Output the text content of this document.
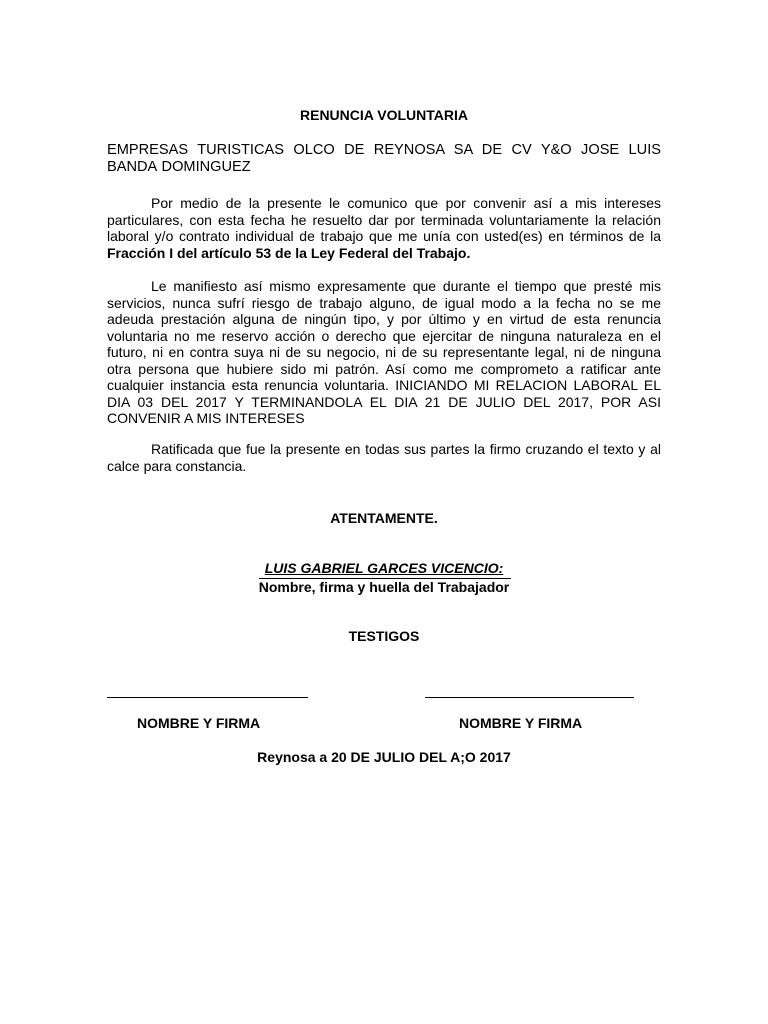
RENUNCIA VOLUNTARIA

EMPRESAS TURISTICAS OLCO DE REYNOSA SA DE CV Y&O JOSE LUIS BANDA DOMINGUEZ

Por medio de la presente le comunico que por convenir así a mis intereses particulares, con esta fecha he resuelto dar por terminada voluntariamente la relación laboral y/o contrato individual de trabajo que me unía con usted(es) en términos de la Fracción I del artículo 53 de la Ley Federal del Trabajo.

Le manifiesto así mismo expresamente que durante el tiempo que presté mis servicios, nunca sufrí riesgo de trabajo alguno, de igual modo a la fecha no se me adeuda prestación alguna de ningún tipo, y por último y en virtud de esta renuncia voluntaria no me reservo acción o derecho que ejercitar de ninguna naturaleza en el futuro, ni en contra suya ni de su negocio, ni de su representante legal, ni de ninguna otra persona que hubiere sido mi patrón. Así como me comprometo a ratificar ante cualquier instancia esta renuncia voluntaria. INICIANDO MI RELACION LABORAL EL DIA 03 DEL 2017 Y TERMINANDOLA EL DIA 21 DE JULIO DEL 2017, POR ASI CONVENIR A MIS INTERESES

Ratificada que fue la presente en todas sus partes la firmo cruzando el texto y al calce para constancia.

ATENTAMENTE.

LUIS GABRIEL GARCES VICENCIO:

Nombre, firma y huella del Trabajador

TESTIGOS

NOMBRE Y FIRMA	NOMBRE Y FIRMA

Reynosa a 20 DE JULIO DEL A;O 2017
